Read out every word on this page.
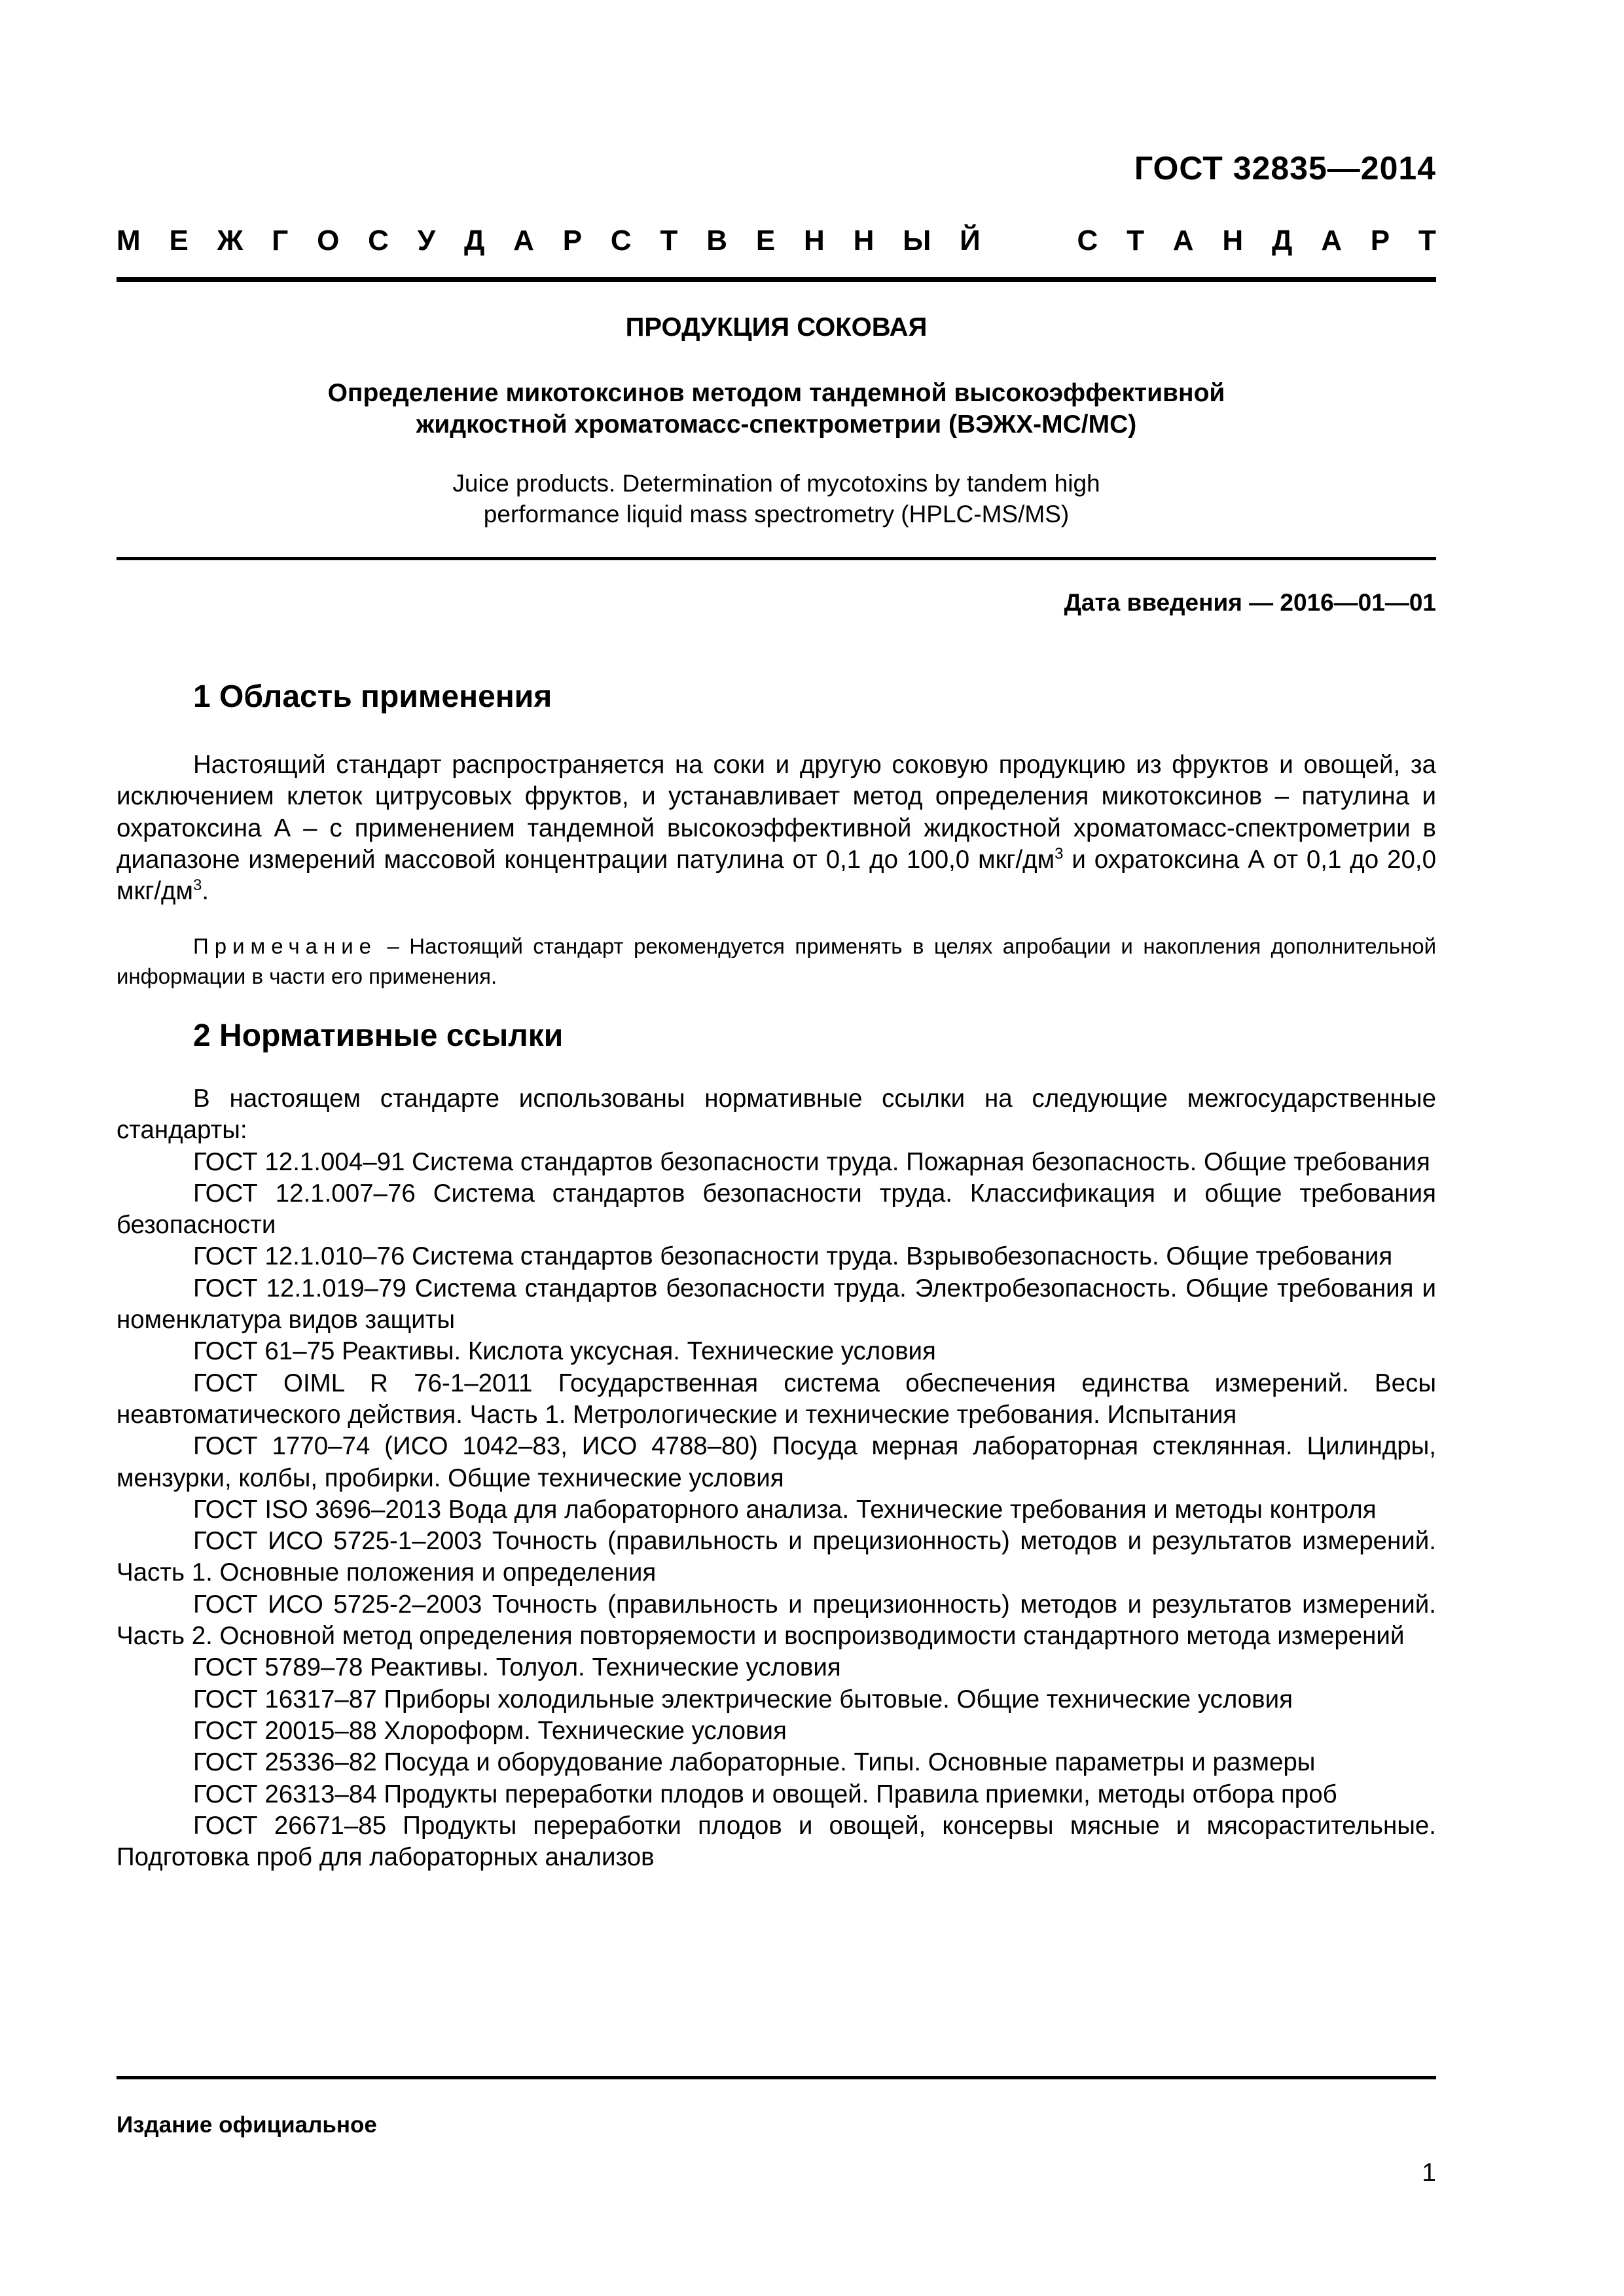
ГОСТ 32835—2014
М Е Ж Г О С У Д А Р С Т В Е Н Н Ы Й	С Т А Н Д А Р Т
ПРОДУКЦИЯ СОКОВАЯ
Определение микотоксинов методом тандемной высокоэффективной
жидкостной хроматомасс-спектрометрии (ВЭЖХ-МС/МС)
Juice products. Determination of mycotoxins by tandem high
performance liquid mass spectrometry (HPLC-MS/MS)
Дата введения — 2016—01—01
1 Область применения

Настоящий стандарт распространяется на соки и другую соковую продукцию из фруктов и овощей, за исключением клеток цитрусовых фруктов, и устанавливает метод определения микотоксинов – патулина и охратоксина А – с применением тандемной высокоэффективной жидкостной хроматомасс-спектрометрии в диапазоне измерений массовой концентрации патулина от 0,1 до 100,0 мкг/$дм^3$ и охратоксина А от 0,1 до 20,0 мкг/$дм^3$.

Примечание – Настоящий стандарт рекомендуется применять в целях апробации и накопления дополнительной информации в части его применения.
2 Нормативные ссылки

В настоящем стандарте использованы нормативные ссылки на следующие межгосударственные стандарты:

ГОСТ 12.1.004–91 Система стандартов безопасности труда. Пожарная безопасность. Общие требования

ГОСТ 12.1.007–76 Система стандартов безопасности труда. Классификация и общие требования безопасности

ГОСТ 12.1.010–76 Система стандартов безопасности труда. Взрывобезопасность. Общие требования

ГОСТ 12.1.019–79 Система стандартов безопасности труда. Электробезопасность. Общие требования и номенклатура видов защиты

ГОСТ 61–75 Реактивы. Кислота уксусная. Технические условия

ГОСТ OIML R 76-1–2011 Государственная система обеспечения единства измерений. Весы неавтоматического действия. Часть 1. Метрологические и технические требования. Испытания

ГОСТ 1770–74 (ИСО 1042–83, ИСО 4788–80) Посуда мерная лабораторная стеклянная. Цилиндры, мензурки, колбы, пробирки. Общие технические условия

ГОСТ ISO 3696–2013 Вода для лабораторного анализа. Технические требования и методы контроля

ГОСТ ИСО 5725-1–2003 Точность (правильность и прецизионность) методов и результатов измерений. Часть 1. Основные положения и определения

ГОСТ ИСО 5725-2–2003 Точность (правильность и прецизионность) методов и результатов измерений. Часть 2. Основной метод определения повторяемости и воспроизводимости стандартного метода измерений

ГОСТ 5789–78 Реактивы. Толуол. Технические условия

ГОСТ 16317–87 Приборы холодильные электрические бытовые. Общие технические условия

ГОСТ 20015–88 Хлороформ. Технические условия

ГОСТ 25336–82 Посуда и оборудование лабораторные. Типы. Основные параметры и размеры

ГОСТ 26313–84 Продукты переработки плодов и овощей. Правила приемки, методы отбора проб

ГОСТ 26671–85 Продукты переработки плодов и овощей, консервы мясные и мясорастительные. Подготовка проб для лабораторных анализов

Издание официальное
1
